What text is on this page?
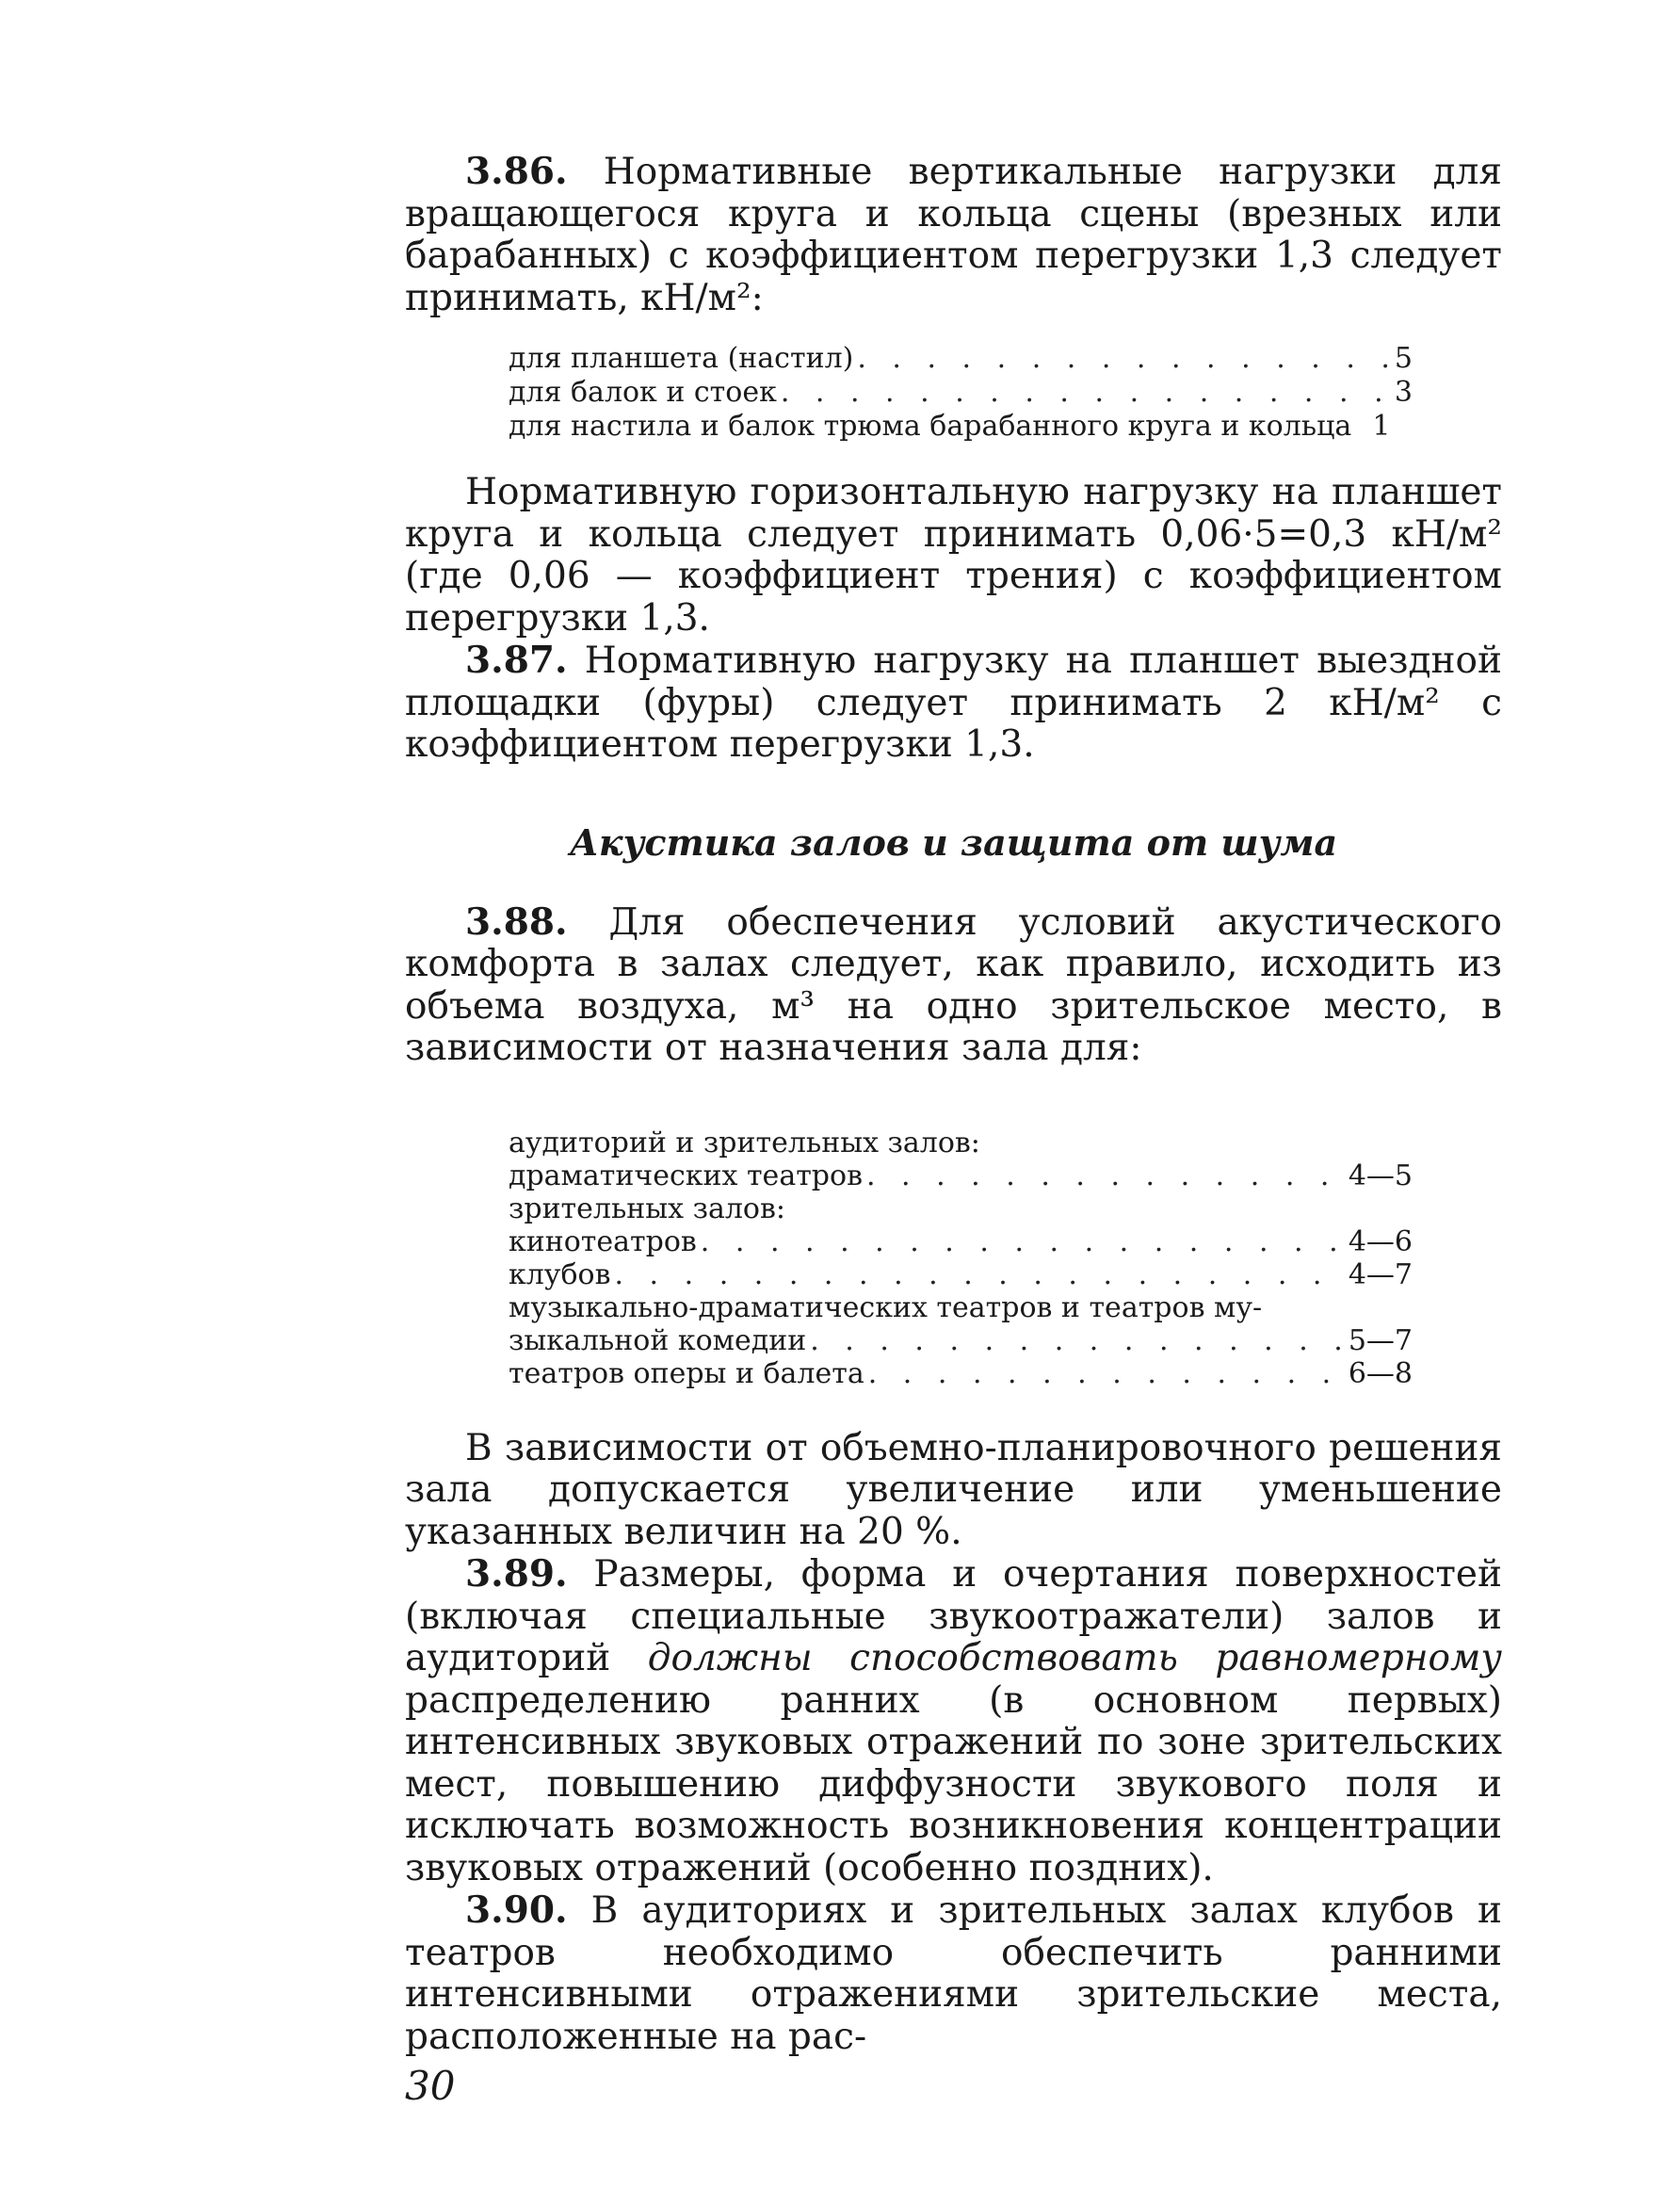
3.86. Нормативные вертикальные нагрузки для вращающегося круга и кольца сцены (врезных или барабанных) с коэффициентом перегрузки 1,3 следует принимать, кН/м²:

для планшета (настил) . . .	5
для балок и стоек . . .	3
для настила и балок трюма барабанного круга и кольца 1

Нормативную горизонтальную нагрузку на планшет круга и кольца следует принимать 0,06·5=0,3 кН/м² (где 0,06 — коэффициент трения) с коэффициентом перегрузки 1,3.

3.87. Нормативную нагрузку на планшет выездной площадки (фуры) следует принимать 2 кН/м² с коэффициентом перегрузки 1,3.

Акустика залов и защита от шума

3.88. Для обеспечения условий акустического комфорта в залах следует, как правило, исходить из объема воздуха, м³ на одно зрительское место, в зависимости от назначения зала для:

аудиторий и зрительных залов:
драматических театров . . .	4—5
зрительных залов:
кинотеатров . . .	4—6
клубов . . .	4—7
музыкально-драматических театров и театров му-
зыкальной комедии . . .	5—7
театров оперы и балета . . .	6—8

В зависимости от объемно-планировочного решения зала допускается увеличение или уменьшение указанных величин на 20 %.

3.89. Размеры, форма и очертания поверхностей (включая специальные звукоотражатели) залов и аудиторий должны способствовать равномерному распределению ранних (в основном первых) интенсивных звуковых отражений по зоне зрительских мест, повышению диффузности звукового поля и исключать возможность возникновения концентрации звуковых отражений (особенно поздних).

3.90. В аудиториях и зрительных залах клубов и театров необходимо обеспечить ранними интенсивными отражениями зрительские места, расположенные на рас-

30
